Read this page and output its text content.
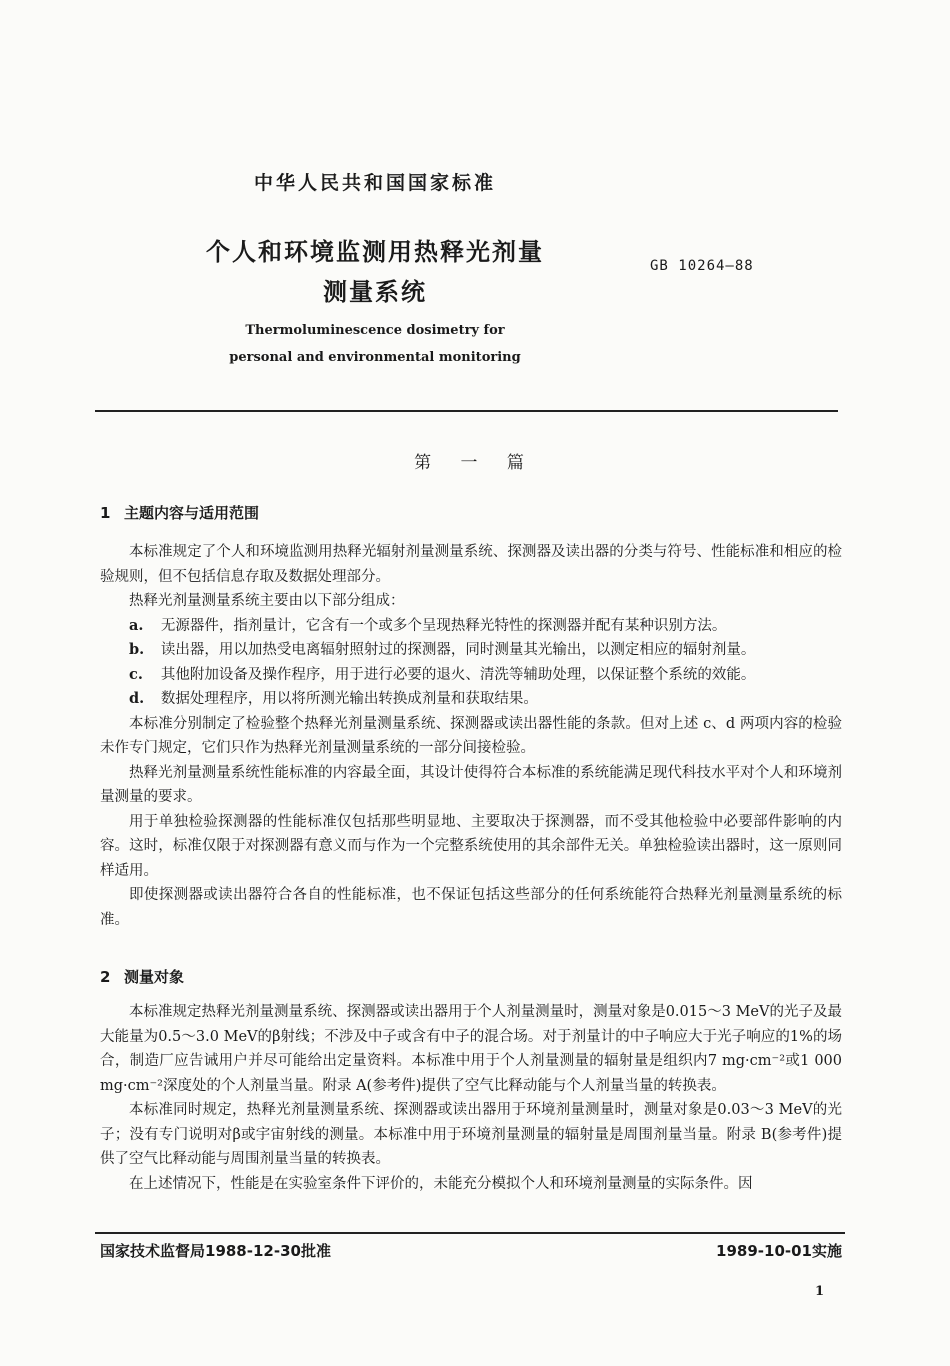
中华人民共和国国家标准
个人和环境监测用热释光剂量
测量系统
GB 10264—88
Thermoluminescence dosimetry for
personal and environmental monitoring
第 一 篇
1 主题内容与适用范围

本标准规定了个人和环境监测用热释光辐射剂量测量系统、探测器及读出器的分类与符号、性能标准和相应的检验规则，但不包括信息存取及数据处理部分。

热释光剂量测量系统主要由以下部分组成：

a. 无源器件，指剂量计，它含有一个或多个呈现热释光特性的探测器并配有某种识别方法。

b. 读出器，用以加热受电离辐射照射过的探测器，同时测量其光输出，以测定相应的辐射剂量。

c. 其他附加设备及操作程序，用于进行必要的退火、清洗等辅助处理，以保证整个系统的效能。

d. 数据处理程序，用以将所测光输出转换成剂量和获取结果。

本标准分别制定了检验整个热释光剂量测量系统、探测器或读出器性能的条款。但对上述 c、d 两项内容的检验未作专门规定，它们只作为热释光剂量测量系统的一部分间接检验。

热释光剂量测量系统性能标准的内容最全面，其设计使得符合本标准的系统能满足现代科技水平对个人和环境剂量测量的要求。

用于单独检验探测器的性能标准仅包括那些明显地、主要取决于探测器，而不受其他检验中必要部件影响的内容。这时，标准仅限于对探测器有意义而与作为一个完整系统使用的其余部件无关。单独检验读出器时，这一原则同样适用。

即使探测器或读出器符合各自的性能标准，也不保证包括这些部分的任何系统能符合热释光剂量测量系统的标准。

2 测量对象

本标准规定热释光剂量测量系统、探测器或读出器用于个人剂量测量时，测量对象是0.015～3 MeV的光子及最大能量为0.5～3.0 MeV的β射线；不涉及中子或含有中子的混合场。对于剂量计的中子响应大于光子响应的1%的场合，制造厂应告诫用户并尽可能给出定量资料。本标准中用于个人剂量测量的辐射量是组织内7 mg·cm⁻²或1 000 mg·cm⁻²深度处的个人剂量当量。附录 A(参考件)提供了空气比释动能与个人剂量当量的转换表。

本标准同时规定，热释光剂量测量系统、探测器或读出器用于环境剂量测量时，测量对象是0.03～3 MeV的光子；没有专门说明对β或宇宙射线的测量。本标准中用于环境剂量测量的辐射量是周围剂量当量。附录 B(参考件)提供了空气比释动能与周围剂量当量的转换表。

在上述情况下，性能是在实验室条件下评价的，未能充分模拟个人和环境剂量测量的实际条件。因

国家技术监督局1988-12-30批准	1989-10-01实施
1
